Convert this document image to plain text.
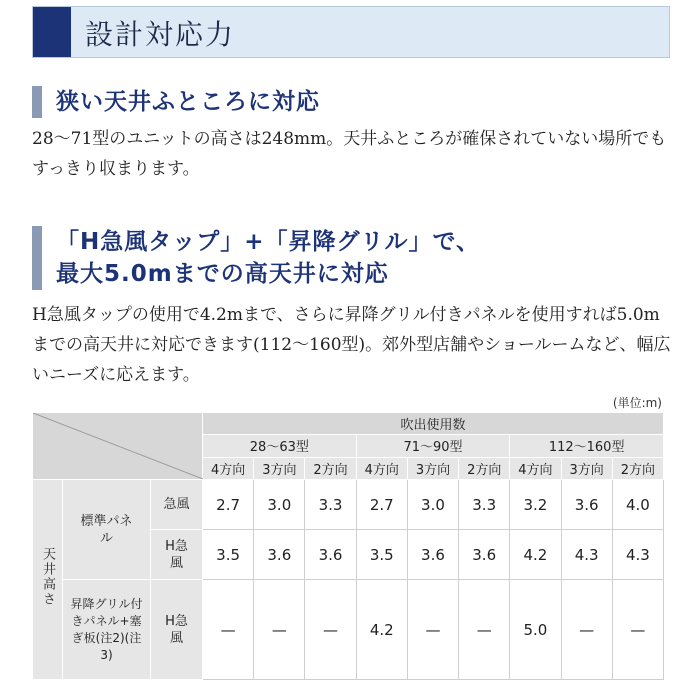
設計対応力
狭い天井ふところに対応
28〜71型のユニットの高さは248mm。天井ふところが確保されていない場所でもすっきり収まります。
「H急風タップ」+「昇降グリル」で、
最大5.0mまでの高天井に対応
H急風タップの使用で4.2mまで、さらに昇降グリル付きパネルを使用すれば5.0mまでの高天井に対応できます(112〜160型)。郊外型店舗やショールームなど、幅広いニーズに応えます。
(単位:m)
	吹出使用数								
			28〜63型			71〜90型			112〜160型		
			4方向	3方向	2方向	4方向	3方向	2方向	4方向	3方向	2方向
天井高さ	標準パネル	急風	2.7	3.0	3.3	2.7	3.0	3.3	3.2	3.6	4.0
		H急風	3.5	3.6	3.6	3.5	3.6	3.6	4.2	4.3	4.3
	昇降グリル付きパネル+塞ぎ板(注2)(注3)	H急風	—	—	—	4.2	—	—	5.0	—	—
